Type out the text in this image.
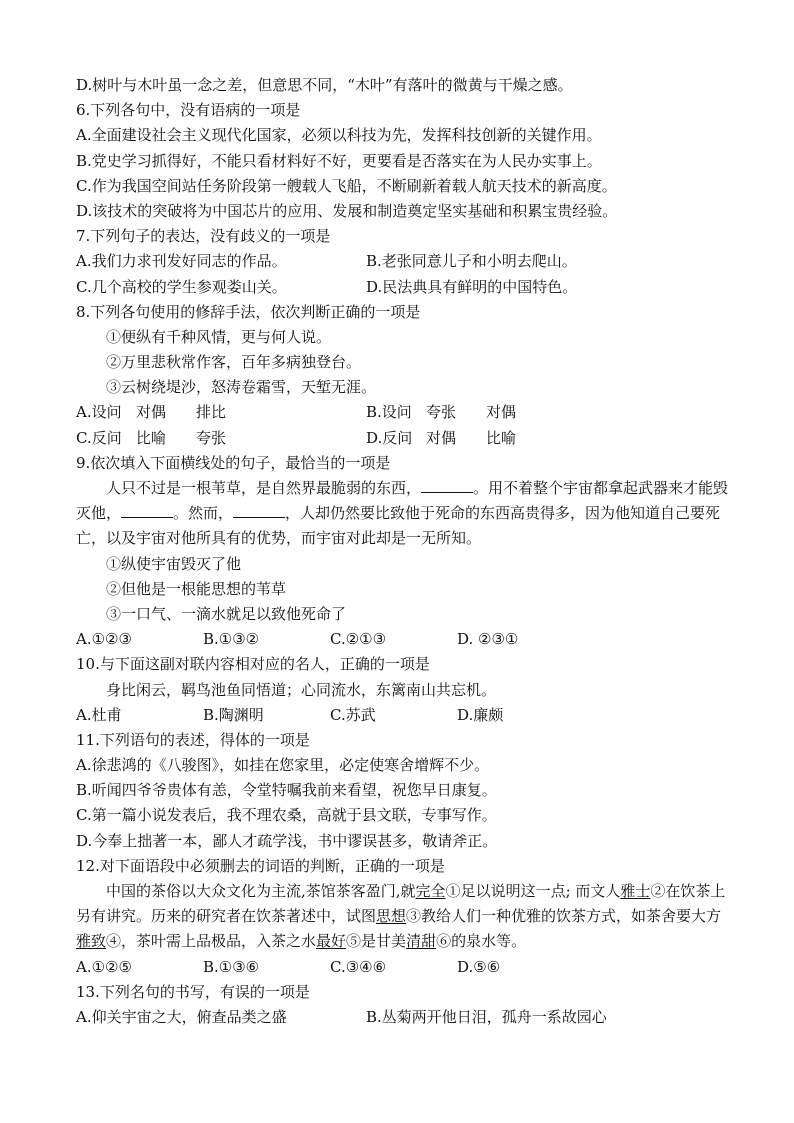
D.树叶与木叶虽一念之差，但意思不同，“木叶”有落叶的微黄与干燥之感。
6.下列各句中，没有语病的一项是
A.全面建设社会主义现代化国家，必须以科技为先，发挥科技创新的关键作用。
B.党史学习抓得好，不能只看材料好不好，更要看是否落实在为人民办实事上。
C.作为我国空间站任务阶段第一艘载人飞船，不断刷新着载人航天技术的新高度。
D.该技术的突破将为中国芯片的应用、发展和制造奠定坚实基础和积累宝贵经验。
7.下列句子的表达，没有歧义的一项是
A.我们力求刊发好同志的作品。	B.老张同意儿子和小明去爬山。
C.几个高校的学生参观娄山关。	D.民法典具有鲜明的中国特色。
8.下列各句使用的修辞手法，依次判断正确的一项是
①便纵有千种风情，更与何人说。
②万里悲秋常作客，百年多病独登台。
③云树绕堤沙，怒涛卷霜雪，天堑无涯。
A.设问 对偶 排比	B.设问 夸张 对偶
C.反问 比喻 夸张	D.反问 对偶 比喻
9.依次填入下面横线处的句子，最恰当的一项是
人只不过是一根苇草，是自然界最脆弱的东西，	。用不着整个宇宙都拿起武器来才能毁灭他，	。然而，	，人却仍然要比致他于死命的东西高贵得多，因为他知道自己要死亡，以及宇宙对他所具有的优势，而宇宙对此却是一无所知。
①纵使宇宙毁灭了他
②但他是一根能思想的苇草
③一口气、一滴水就足以致他死命了
A.①②③	B.①③②	C.②①③	D. ②③①
10.与下面这副对联内容相对应的名人，正确的一项是
身比闲云，羁鸟池鱼同悟道；心同流水，东篱南山共忘机。
A.杜甫	B.陶渊明	C.苏武	D.廉颇
11.下列语句的表述，得体的一项是
A.徐悲鸿的《八骏图》，如挂在您家里，必定使寒舍增辉不少。
B.听闻四爷爷贵体有恙，令堂特嘱我前来看望，祝您早日康复。
C.第一篇小说发表后，我不理农桑，高就于县文联，专事写作。
D.今奉上拙著一本，鄙人才疏学浅，书中谬误甚多，敬请斧正。
12.对下面语段中必须删去的词语的判断，正确的一项是
中国的茶俗以大众文化为主流,茶馆茶客盈门,就完全①足以说明这一点; 而文人雅士②在饮茶上另有讲究。历来的研究者在饮茶著述中，试图思想③教给人们一种优雅的饮茶方式，如茶舍要大方雅致④，茶叶需上品极品，入茶之水最好⑤是甘美清甜⑥的泉水等。
A.①②⑤	B.①③⑥	C.③④⑥	D.⑤⑥
13.下列名句的书写，有误的一项是
A.仰关宇宙之大，俯查品类之盛	B.丛菊两开他日泪，孤舟一系故园心
